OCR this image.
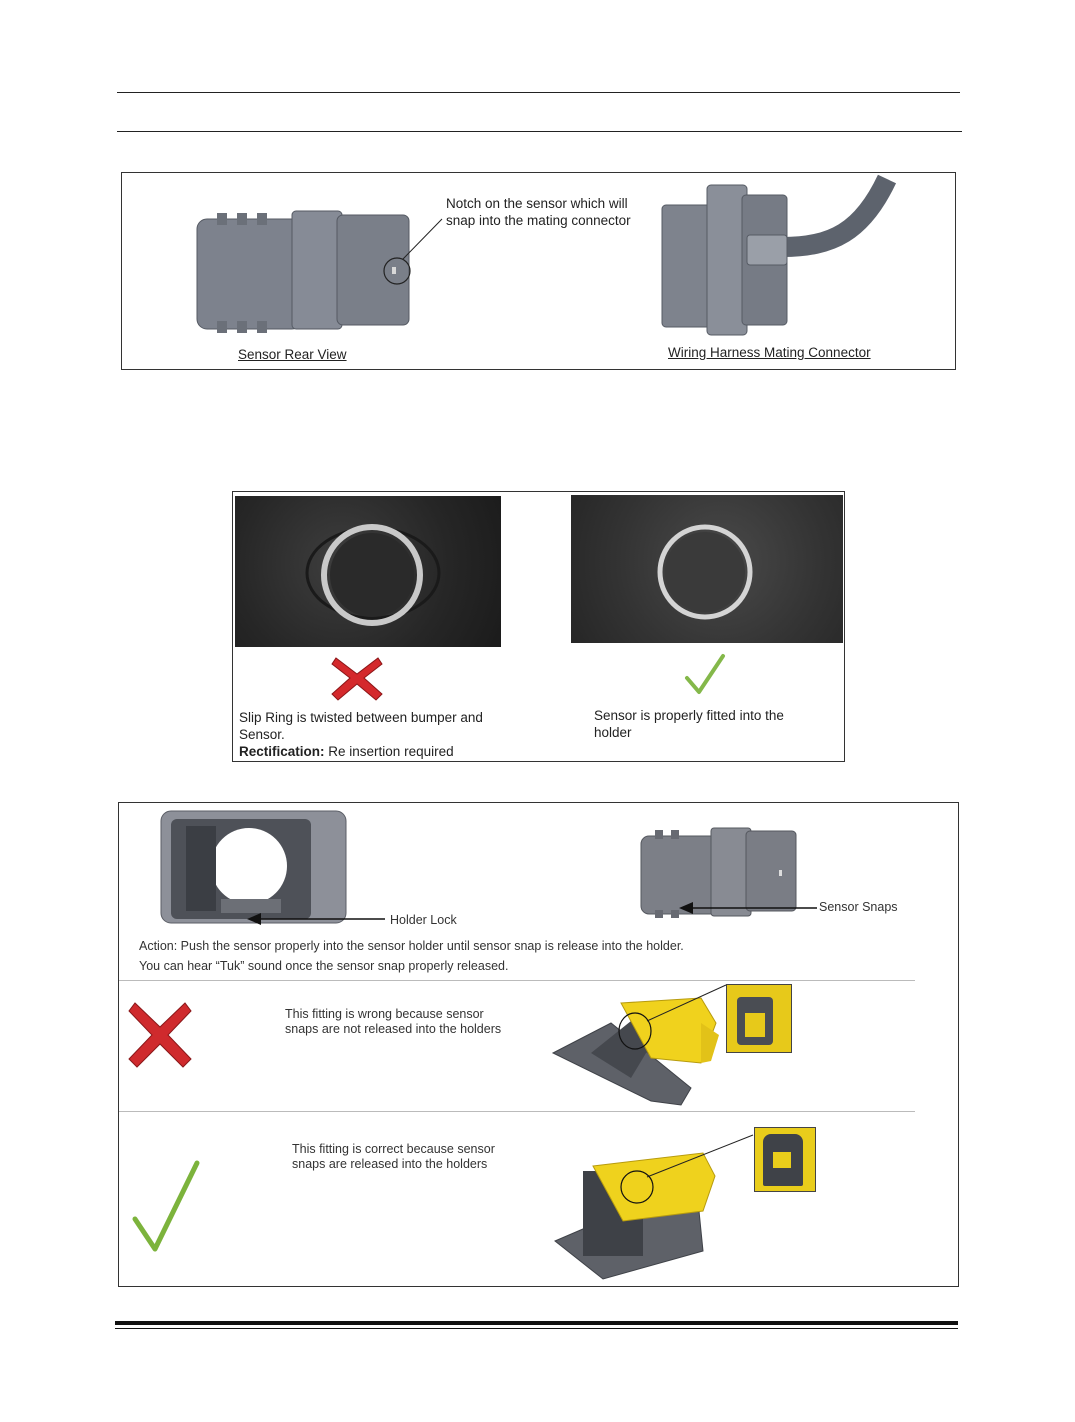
Notch on the sensor which will snap into the mating connector
Sensor Rear View	Wiring Harness Mating Connector
Slip Ring is twisted between bumper and Sensor.
Rectification: Re insertion required
Sensor is properly fitted into the holder
Holder Lock
Sensor Snaps
Action: Push the sensor properly into the sensor holder until sensor snap is release into the holder.
You can hear “Tuk” sound once the sensor snap properly released.
This fitting is wrong because sensor
snaps are not released into the holders
This fitting is correct because sensor
snaps are released into the holders
